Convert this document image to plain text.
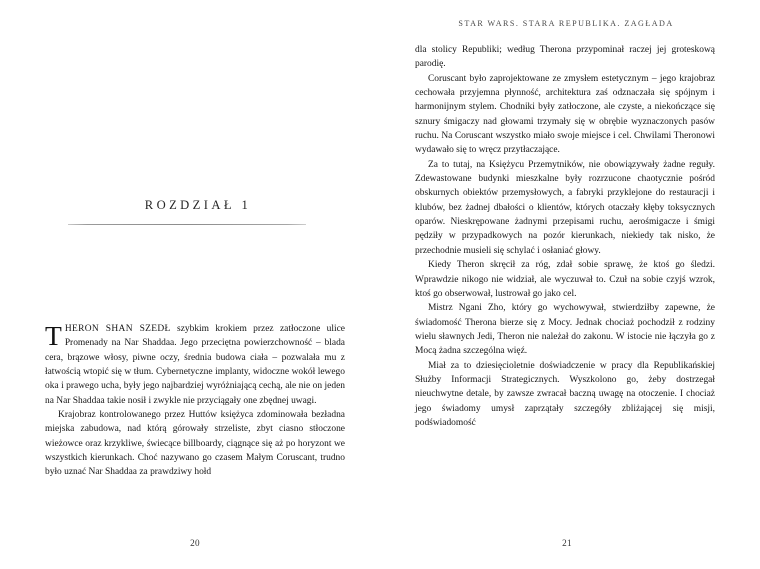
ROZDZIAŁ 1

THERON SHAN SZEDŁ szybkim krokiem przez zatłoczone ulice Promenady na Nar Shaddaa. Jego przeciętna powierzchowność – blada cera, brązowe włosy, piwne oczy, średnia budowa ciała – pozwalała mu z łatwością wtopić się w tłum. Cybernetyczne implanty, widoczne wokół lewego oka i prawego ucha, były jego najbardziej wyróżniającą cechą, ale nie on jeden na Nar Shaddaa takie nosił i zwykle nie przyciągały one zbędnej uwagi.

Krajobraz kontrolowanego przez Huttów księżyca zdominowała bezładna miejska zabudowa, nad którą górowały strzeliste, zbyt ciasno stłoczone wieżowce oraz krzykliwe, świecące billboardy, ciągnące się aż po horyzont we wszystkich kierunkach. Choć nazywano go czasem Małym Coruscant, trudno było uznać Nar Shaddaa za prawdziwy hołd

20
STAR WARS. STARA REPUBLIKA. ZAGŁADA

dla stolicy Republiki; według Therona przypominał raczej jej groteskową parodię.

Coruscant było zaprojektowane ze zmysłem estetycznym – jego krajobraz cechowała przyjemna płynność, architektura zaś odznaczała się spójnym i harmonijnym stylem. Chodniki były zatłoczone, ale czyste, a niekończące się sznury śmigaczy nad głowami trzymały się w obrębie wyznaczonych pasów ruchu. Na Coruscant wszystko miało swoje miejsce i cel. Chwilami Theronowi wydawało się to wręcz przytłaczające.

Za to tutaj, na Księżycu Przemytników, nie obowiązywały żadne reguły. Zdewastowane budynki mieszkalne były rozrzucone chaotycznie pośród obskurnych obiektów przemysłowych, a fabryki przyklejone do restauracji i klubów, bez żadnej dbałości o klientów, których otaczały kłęby toksycznych oparów. Nieskrępowane żadnymi przepisami ruchu, aerośmigacze i śmigi pędziły w przypadkowych na pozór kierunkach, niekiedy tak nisko, że przechodnie musieli się schylać i osłaniać głowy.

Kiedy Theron skręcił za róg, zdał sobie sprawę, że ktoś go śledzi. Wprawdzie nikogo nie widział, ale wyczuwał to. Czuł na sobie czyjś wzrok, ktoś go obserwował, lustrował go jako cel.

Mistrz Ngani Zho, który go wychowywał, stwierdziłby zapewne, że świadomość Therona bierze się z Mocy. Jednak chociaż pochodził z rodziny wielu sławnych Jedi, Theron nie należał do zakonu. W istocie nie łączyła go z Mocą żadna szczególna więź.

Miał za to dziesięcioletnie doświadczenie w pracy dla Republikańskiej Służby Informacji Strategicznych. Wyszkolono go, żeby dostrzegał nieuchwytne detale, by zawsze zwracał baczną uwagę na otoczenie. I chociaż jego świadomy umysł zaprzątały szczegóły zbliżającej się misji, podświadomość

21
